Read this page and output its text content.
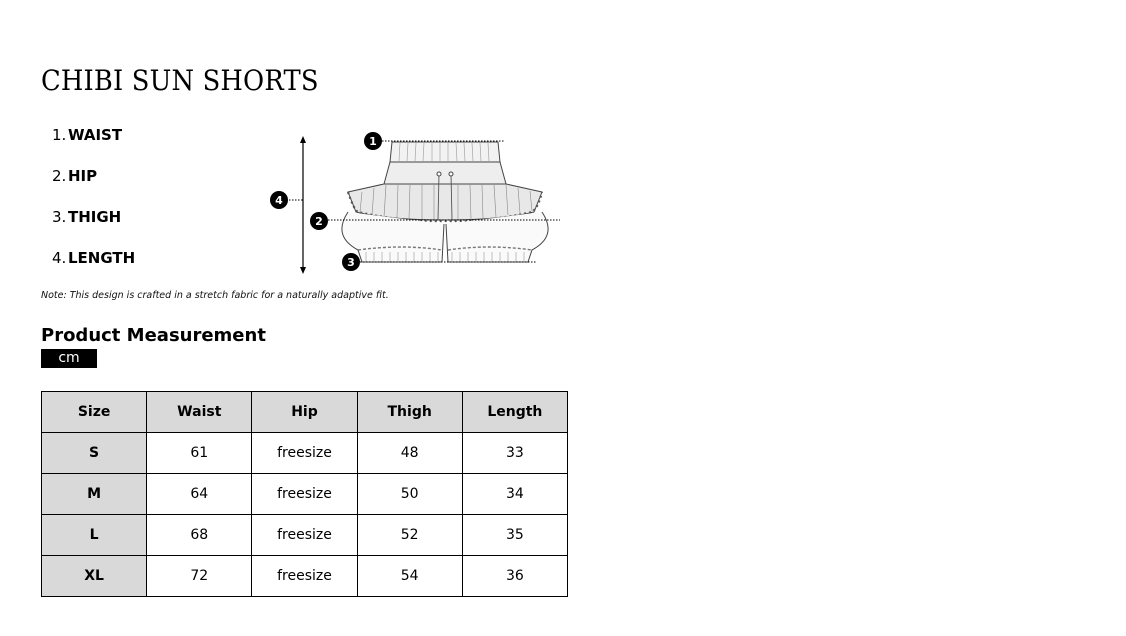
CHIBI SUN SHORTS
1. WAIST
2. HIP
3. THIGH
4. LENGTH
1
2
3
4

Note: This design is crafted in a stretch fabric for a naturally adaptive fit.

Product Measurement
cm
Size	Waist	Hip	Thigh	Length
S	61	freesize	48	33
M	64	freesize	50	34
L	68	freesize	52	35
XL	72	freesize	54	36
